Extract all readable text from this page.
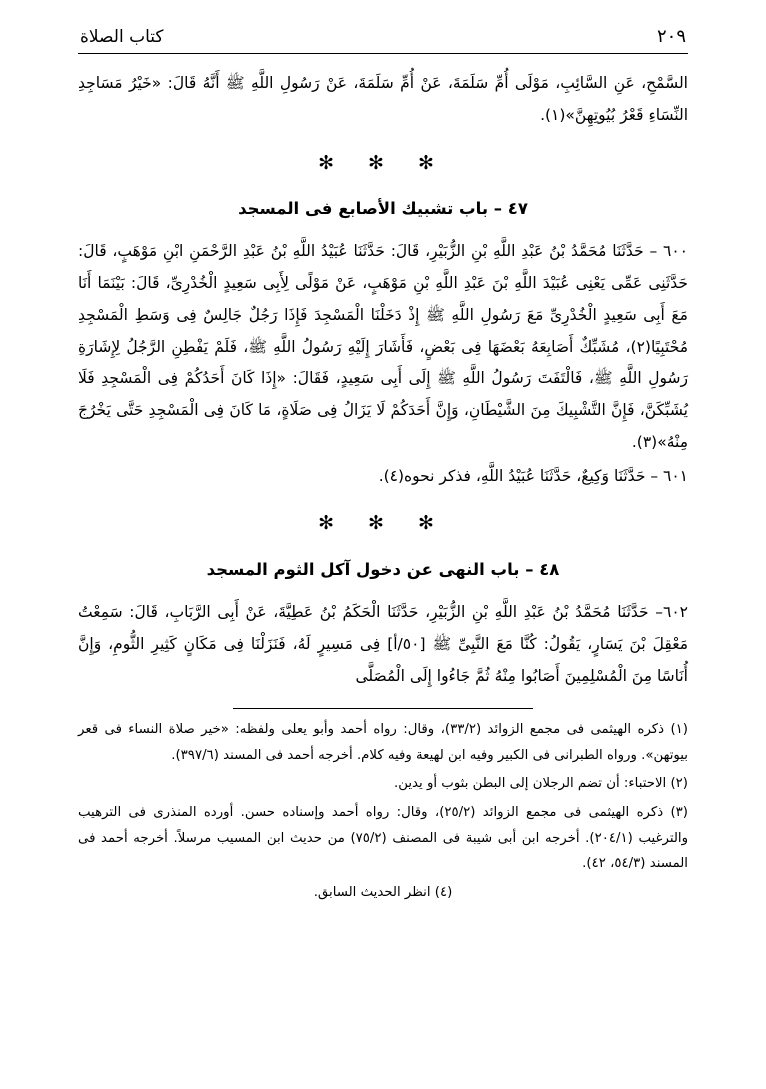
كتاب الصلاة	٢٠٩

السَّمْحِ، عَنِ السَّائِبِ، مَوْلَى أُمِّ سَلَمَةَ، عَنْ أُمِّ سَلَمَةَ، عَنْ رَسُولِ اللَّهِ ﷺ أَنَّهُ قَالَ: «خَيْرُ مَسَاجِدِ النِّسَاءِ قَعْرُ بُيُوتِهِنَّ»(١).

✻ ✻ ✻
٤٧ – باب تشبيك الأصابع فى المسجد

٦٠٠ – حَدَّثَنَا مُحَمَّدُ بْنُ عَبْدِ اللَّهِ بْنِ الزُّبَيْرِ، قَالَ: حَدَّثَنَا عُبَيْدُ اللَّهِ بْنُ عَبْدِ الرَّحْمَنِ ابْنِ مَوْهَبٍ، قَالَ: حَدَّثَنِى عَمِّى يَعْنِى عُبَيْدَ اللَّهِ بْنَ عَبْدِ اللَّهِ بْنِ مَوْهَبٍ، عَنْ مَوْلًى لِأَبِى سَعِيدٍ الْخُدْرِىِّ، قَالَ: بَيْنَمَا أَنَا مَعَ أَبِى سَعِيدٍ الْخُدْرِىِّ مَعَ رَسُولِ اللَّهِ ﷺ إِذْ دَخَلْنَا الْمَسْجِدَ فَإِذَا رَجُلٌ جَالِسٌ فِى وَسَطِ الْمَسْجِدِ مُحْتَبِيًا(٢)، مُشَبِّكٌ أَصَابِعَهُ بَعْضَهَا فِى بَعْضٍ، فَأَشَارَ إِلَيْهِ رَسُولُ اللَّهِ ﷺ، فَلَمْ يَفْطِنِ الرَّجُلُ لِإِشَارَةِ رَسُولِ اللَّهِ ﷺ، فَالْتَفَتَ رَسُولُ اللَّهِ ﷺ إِلَى أَبِى سَعِيدٍ، فَقَالَ: «إِذَا كَانَ أَحَدُكُمْ فِى الْمَسْجِدِ فَلَا يُشَبِّكَنَّ، فَإِنَّ التَّشْبِيكَ مِنَ الشَّيْطَانِ، وَإِنَّ أَحَدَكُمْ لَا يَزَالُ فِى صَلَاةٍ، مَا كَانَ فِى الْمَسْجِدِ حَتَّى يَخْرُجَ مِنْهُ»(٣).

٦٠١ – حَدَّثَنَا وَكِيعٌ، حَدَّثَنَا عُبَيْدُ اللَّهِ، فذكر نحوه(٤).

✻ ✻ ✻
٤٨ – باب النهى عن دخول آكل الثوم المسجد

٦٠٢– حَدَّثَنَا مُحَمَّدُ بْنُ عَبْدِ اللَّهِ بْنِ الزُّبَيْرِ، حَدَّثَنَا الْحَكَمُ بْنُ عَطِيَّةَ، عَنْ أَبِى الرَّبَابِ، قَالَ: سَمِعْتُ مَعْقِلَ بْنَ يَسَارٍ، يَقُولُ: كُنَّا مَعَ النَّبِىِّ ﷺ [٥٠/أ] فِى مَسِيرٍ لَهُ، فَنَزَلْنَا فِى مَكَانٍ كَثِيرِ الثُّومِ، وَإِنَّ أُنَاسًا مِنَ الْمُسْلِمِينَ أَصَابُوا مِنْهُ ثُمَّ جَاءُوا إِلَى الْمُصَلَّى

(١) ذكره الهيثمى فى مجمع الزوائد (٣٣/٢)، وقال: رواه أحمد وأبو يعلى ولفظه: «خير صلاة النساء فى قعر بيوتهن». ورواه الطبرانى فى الكبير وفيه ابن لهيعة وفيه كلام. أخرجه أحمد فى المسند (٣٩٧/٦).

(٢) الاحتباء: أن تضم الرجلان إلى البطن بثوب أو يدين.

(٣) ذكره الهيثمى فى مجمع الزوائد (٢٥/٢)، وقال: رواه أحمد وإسناده حسن. أورده المنذرى فى الترهيب والترغيب (٢٠٤/١). أخرجه ابن أبى شيبة فى المصنف (٧٥/٢) من حديث ابن المسيب مرسلاً. أخرجه أحمد فى المسند (٥٤/٣، ٤٢).

(٤) انظر الحديث السابق.
